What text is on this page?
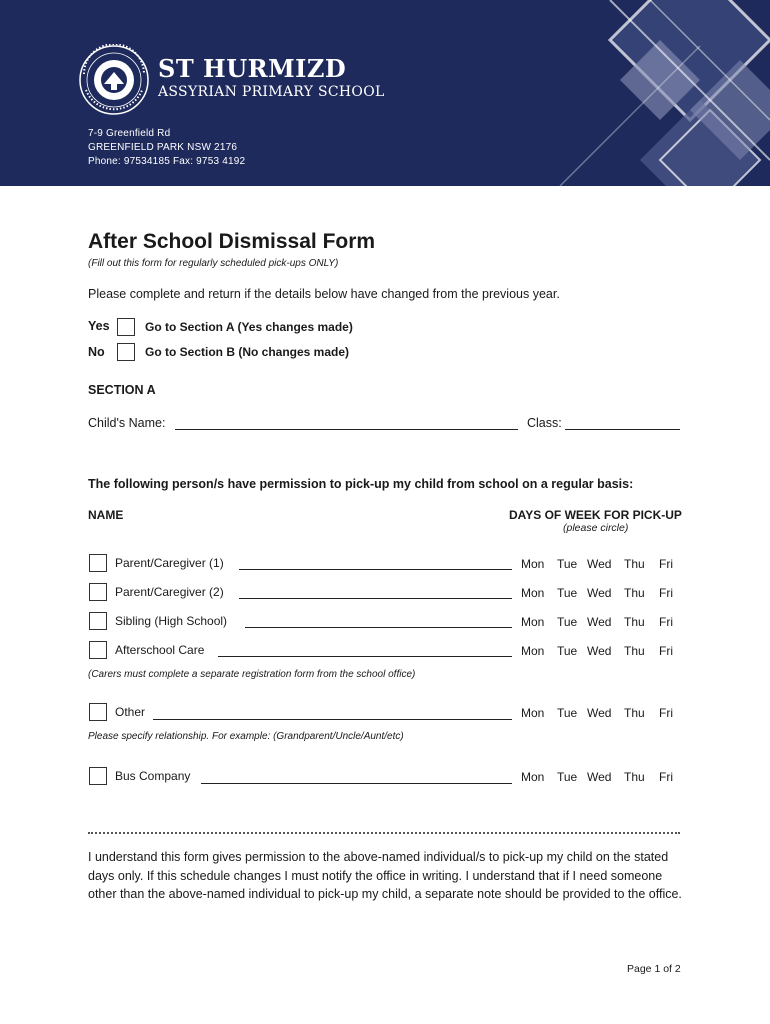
ST HURMIZD
ASSYRIAN PRIMARY SCHOOL
7-9 Greenfield Rd
GREENFIELD PARK NSW 2176
Phone: 97534185 Fax: 9753 4192
After School Dismissal Form
(Fill out this form for regularly scheduled pick-ups ONLY)
Please complete and return if the details below have changed from the previous year.
Yes	Go to Section A (Yes changes made)
No	Go to Section B (No changes made)
SECTION A
Child's Name:	Class:
The following person/s have permission to pick-up my child from school on a regular basis:
NAME	DAYS OF WEEK FOR PICK-UP
(please circle)
Parent/Caregiver (1)	Mon Tue Wed Thu Fri
Parent/Caregiver (2)	Mon Tue Wed Thu Fri
Sibling (High School)	Mon Tue Wed Thu Fri
Afterschool Care	Mon Tue Wed Thu Fri
(Carers must complete a separate registration form from the school office)
Other	Mon Tue Wed Thu Fri
Please specify relationship. For example: (Grandparent/Uncle/Aunt/etc)
Bus Company	Mon Tue Wed Thu Fri
I understand this form gives permission to the above-named individual/s to pick-up my child on the stated days only. If this schedule changes I must notify the office in writing. I understand that if I need someone other than the above-named individual to pick-up my child, a separate note should be provided to the office.
Page 1 of 2
